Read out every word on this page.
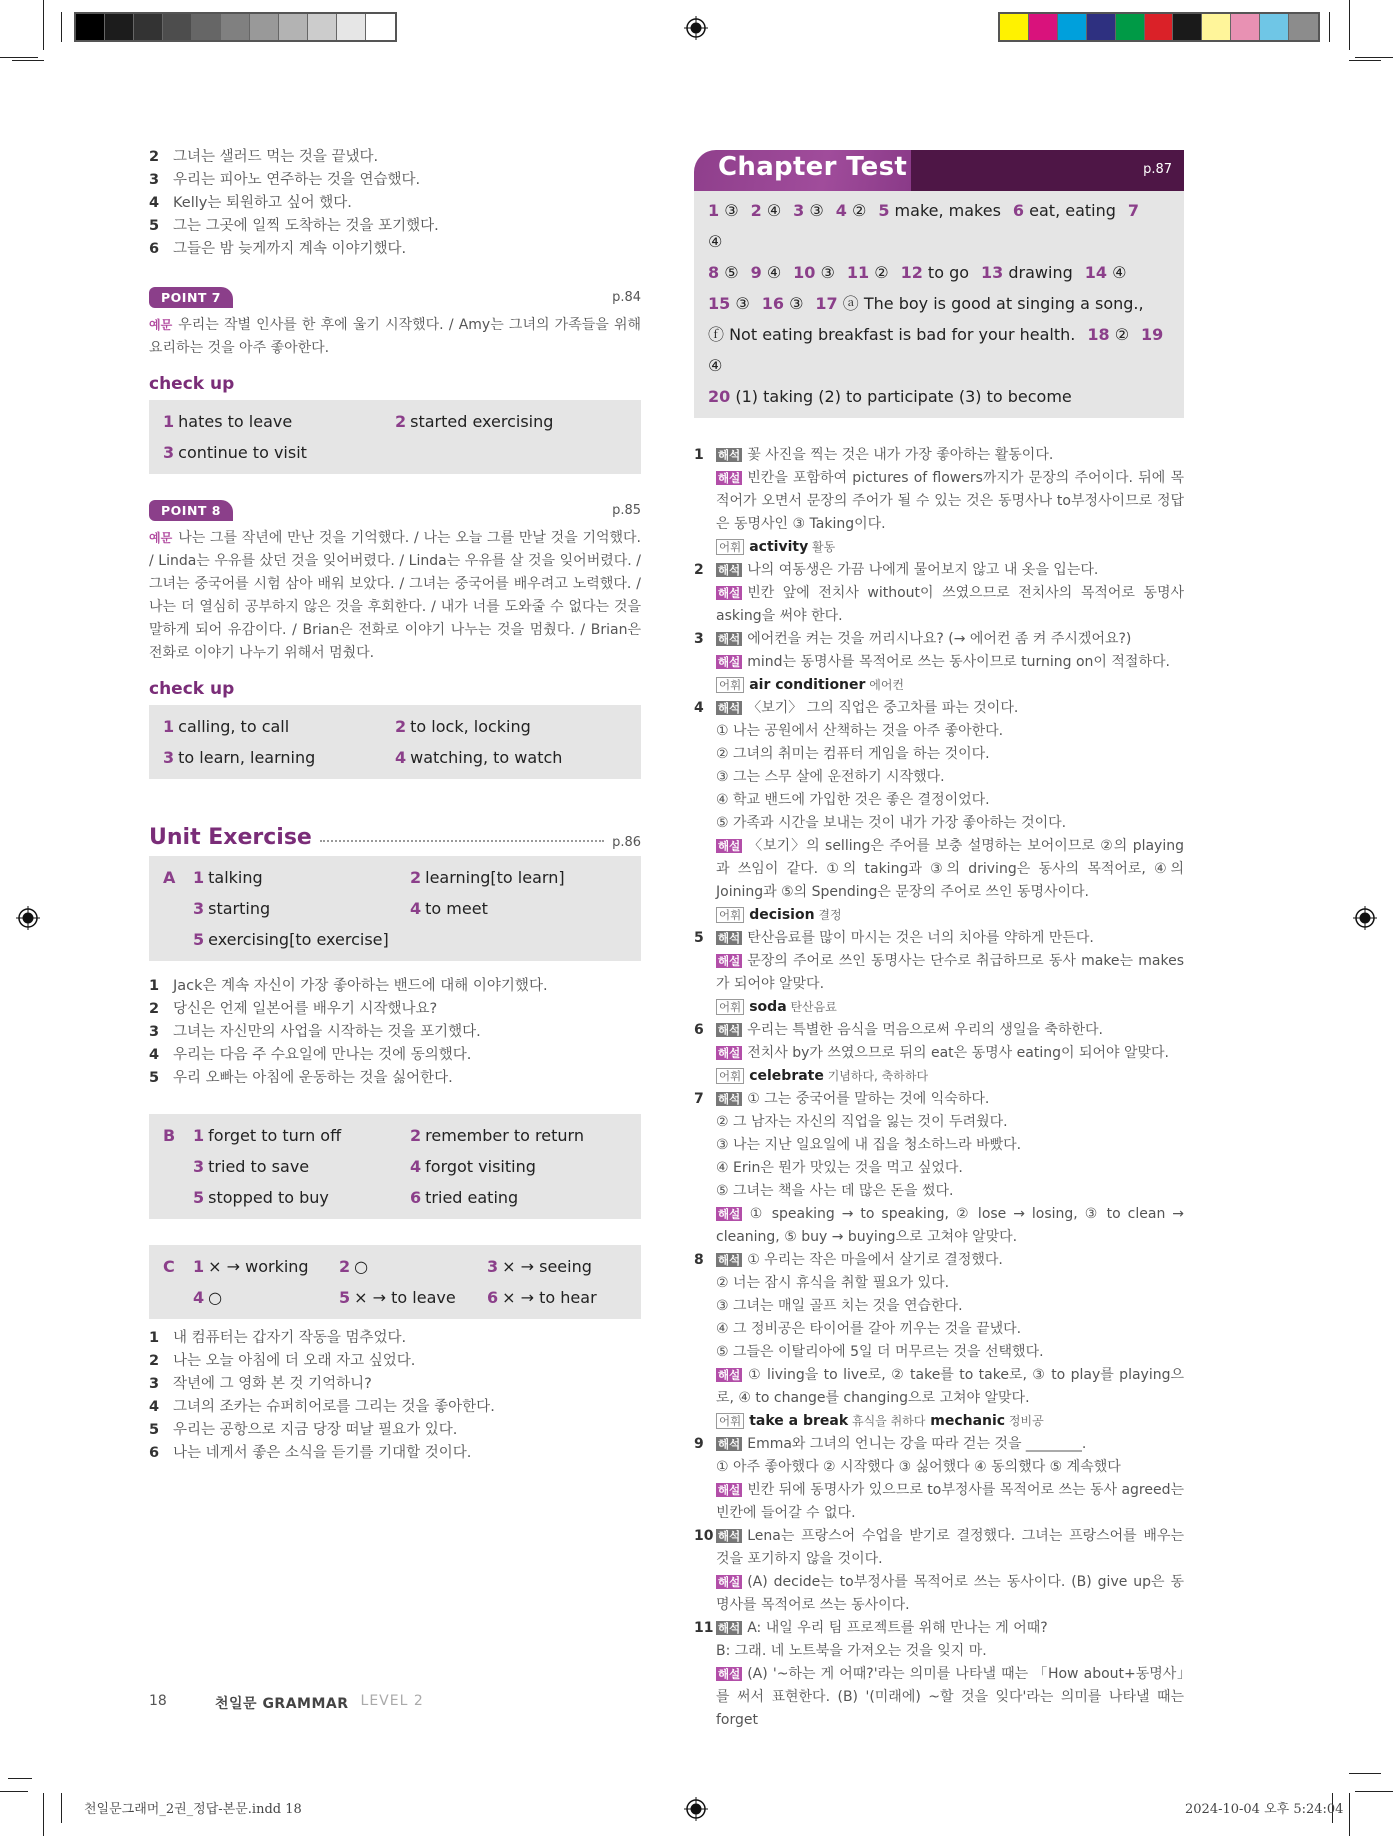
2 그녀는 샐러드 먹는 것을 끝냈다.
3 우리는 피아노 연주하는 것을 연습했다.
4 Kelly는 퇴원하고 싶어 했다.
5 그는 그곳에 일찍 도착하는 것을 포기했다.
6 그들은 밤 늦게까지 계속 이야기했다.
POINT 7	p.84

예문 우리는 작별 인사를 한 후에 울기 시작했다. / Amy는 그녀의 가족들을 위해 요리하는 것을 아주 좋아한다.

check up
1 hates to leave	2 started exercising
3 continue to visit
POINT 8	p.85

예문 나는 그를 작년에 만난 것을 기억했다. / 나는 오늘 그를 만날 것을 기억했다. / Linda는 우유를 샀던 것을 잊어버렸다. / Linda는 우유를 살 것을 잊어버렸다. / 그녀는 중국어를 시험 삼아 배워 보았다. / 그녀는 중국어를 배우려고 노력했다. / 나는 더 열심히 공부하지 않은 것을 후회한다. / 내가 너를 도와줄 수 없다는 것을 말하게 되어 유감이다. / Brian은 전화로 이야기 나누는 것을 멈췄다. / Brian은 전화로 이야기 나누기 위해서 멈췄다.

check up
1 calling, to call	2 to lock, locking
3 to learn, learning	4 watching, to watch
Unit Exercise	p.86
A	1 talking	2 learning[to learn]
3 starting	4 to meet
5 exercising[to exercise]
1 Jack은 계속 자신이 가장 좋아하는 밴드에 대해 이야기했다.
2 당신은 언제 일본어를 배우기 시작했나요?
3 그녀는 자신만의 사업을 시작하는 것을 포기했다.
4 우리는 다음 주 수요일에 만나는 것에 동의했다.
5 우리 오빠는 아침에 운동하는 것을 싫어한다.
B	1 forget to turn off	2 remember to return
3 tried to save	4 forgot visiting
5 stopped to buy	6 tried eating
C	1 × → working	2 ○	3 × → seeing
4 ○	5 × → to leave	6 × → to hear
1 내 컴퓨터는 갑자기 작동을 멈추었다.
2 나는 오늘 아침에 더 오래 자고 싶었다.
3 작년에 그 영화 본 것 기억하니?
4 그녀의 조카는 슈퍼히어로를 그리는 것을 좋아한다.
5 우리는 공항으로 지금 당장 떠날 필요가 있다.
6 나는 네게서 좋은 소식을 듣기를 기대할 것이다.
Chapter Test	p.87
1 ③ 2 ④ 3 ③ 4 ② 5 make, makes 6 eat, eating 7 ④
8 ⑤ 9 ④ 10 ③ 11 ② 12 to go 13 drawing 14 ④
15 ③ 16 ③ 17 ⓐ The boy is good at singing a song.,
ⓕ Not eating breakfast is bad for your health. 18 ② 19 ④
20 (1) taking (2) to participate (3) to become
1	해석 꽃 사진을 찍는 것은 내가 가장 좋아하는 활동이다.
해설 빈칸을 포함하여 pictures of flowers까지가 문장의 주어이다. 뒤에 목적어가 오면서 문장의 주어가 될 수 있는 것은 동명사나 to부정사이므로 정답은 동명사인 ③ Taking이다.
어휘 activity 활동
2	해석 나의 여동생은 가끔 나에게 물어보지 않고 내 옷을 입는다.
해설 빈칸 앞에 전치사 without이 쓰였으므로 전치사의 목적어로 동명사 asking을 써야 한다.
3	해석 에어컨을 켜는 것을 꺼리시나요? (→ 에어컨 좀 켜 주시겠어요?)
해설 mind는 동명사를 목적어로 쓰는 동사이므로 turning on이 적절하다.
어휘 air conditioner 에어컨
4	해석 〈보기〉 그의 직업은 중고차를 파는 것이다.
① 나는 공원에서 산책하는 것을 아주 좋아한다.
② 그녀의 취미는 컴퓨터 게임을 하는 것이다.
③ 그는 스무 살에 운전하기 시작했다.
④ 학교 밴드에 가입한 것은 좋은 결정이었다.
⑤ 가족과 시간을 보내는 것이 내가 가장 좋아하는 것이다.
해설 〈보기〉의 selling은 주어를 보충 설명하는 보어이므로 ②의 playing과 쓰임이 같다. ①의 taking과 ③의 driving은 동사의 목적어로, ④의 Joining과 ⑤의 Spending은 문장의 주어로 쓰인 동명사이다.
어휘 decision 결정
5	해석 탄산음료를 많이 마시는 것은 너의 치아를 약하게 만든다.
해설 문장의 주어로 쓰인 동명사는 단수로 취급하므로 동사 make는 makes가 되어야 알맞다.
어휘 soda 탄산음료
6	해석 우리는 특별한 음식을 먹음으로써 우리의 생일을 축하한다.
해설 전치사 by가 쓰였으므로 뒤의 eat은 동명사 eating이 되어야 알맞다.
어휘 celebrate 기념하다, 축하하다
7	해석 ① 그는 중국어를 말하는 것에 익숙하다.
② 그 남자는 자신의 직업을 잃는 것이 두려웠다.
③ 나는 지난 일요일에 내 집을 청소하느라 바빴다.
④ Erin은 뭔가 맛있는 것을 먹고 싶었다.
⑤ 그녀는 책을 사는 데 많은 돈을 썼다.
해설 ① speaking → to speaking, ② lose → losing, ③ to clean → cleaning, ⑤ buy → buying으로 고쳐야 알맞다.
8	해석 ① 우리는 작은 마을에서 살기로 결정했다.
② 너는 잠시 휴식을 취할 필요가 있다.
③ 그녀는 매일 골프 치는 것을 연습한다.
④ 그 정비공은 타이어를 갈아 끼우는 것을 끝냈다.
⑤ 그들은 이탈리아에 5일 더 머무르는 것을 선택했다.
해설 ① living을 to live로, ② take를 to take로, ③ to play를 playing으로, ④ to change를 changing으로 고쳐야 알맞다.
어휘 take a break 휴식을 취하다 mechanic 정비공
9	해석 Emma와 그녀의 언니는 강을 따라 걷는 것을 ________.
① 아주 좋아했다 ② 시작했다 ③ 싫어했다 ④ 동의했다 ⑤ 계속했다
해설 빈칸 뒤에 동명사가 있으므로 to부정사를 목적어로 쓰는 동사 agreed는 빈칸에 들어갈 수 없다.
10 해석 Lena는 프랑스어 수업을 받기로 결정했다. 그녀는 프랑스어를 배우는 것을 포기하지 않을 것이다.
해설 (A) decide는 to부정사를 목적어로 쓰는 동사이다. (B) give up은 동명사를 목적어로 쓰는 동사이다.
11 해석 A: 내일 우리 팀 프로젝트를 위해 만나는 게 어때?
B: 그래. 네 노트북을 가져오는 것을 잊지 마.
해설 (A) '~하는 게 어때?'라는 의미를 나타낼 때는 「How about+동명사」를 써서 표현한다. (B) '(미래에) ~할 것을 잊다'라는 의미를 나타낼 때는 forget
18	천일문 GRAMMAR LEVEL 2
천일문그래머_2권_정답-본문.indd 18	2024-10-04 오후 5:24:04
